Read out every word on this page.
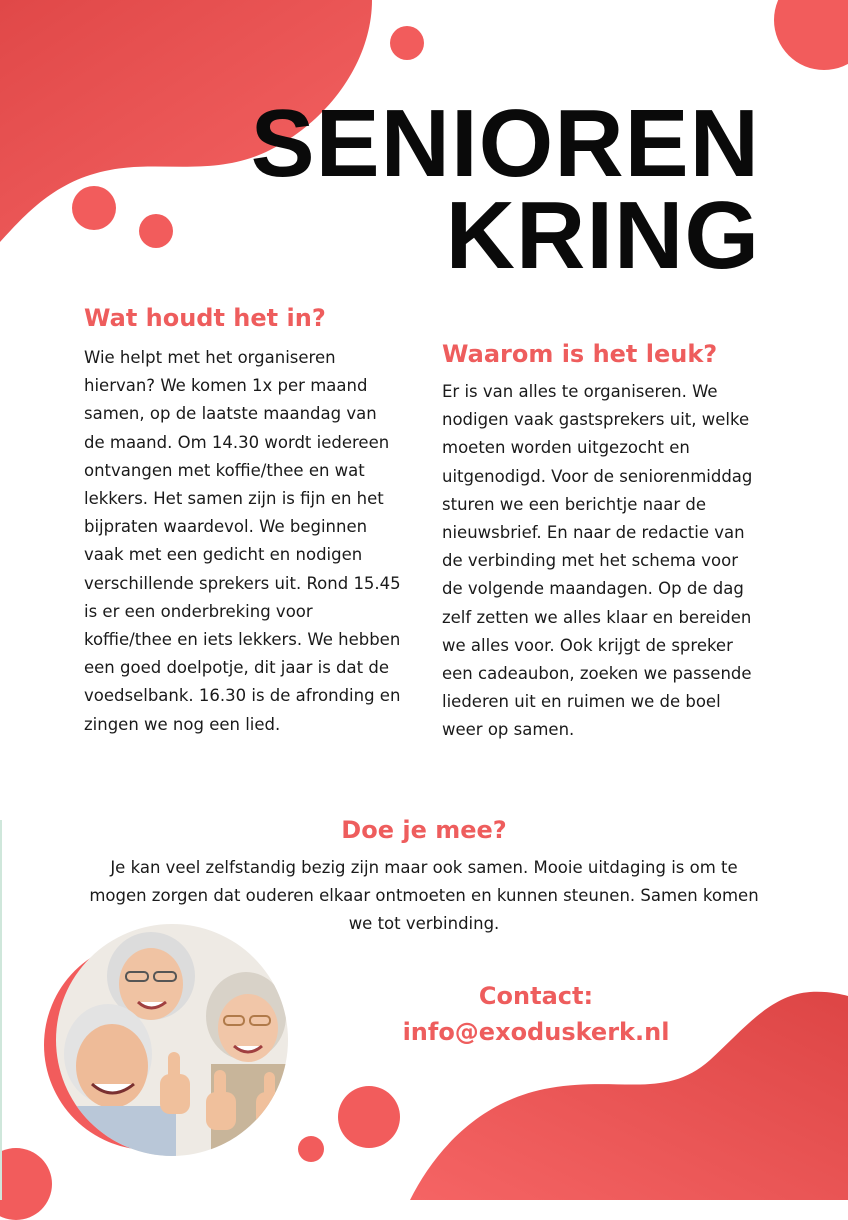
SENIOREN
KRING
Wat houdt het in?

Wie helpt met het organiseren hiervan? We komen 1x per maand samen, op de laatste maandag van de maand. Om 14.30 wordt iedereen ontvangen met koffie/thee en wat lekkers. Het samen zijn is fijn en het bijpraten waardevol. We beginnen vaak met een gedicht en nodigen verschillende sprekers uit. Rond 15.45 is er een onderbreking voor koffie/thee en iets lekkers. We hebben een goed doelpotje, dit jaar is dat de voedselbank. 16.30 is de afronding en zingen we nog een lied.

Waarom is het leuk?

Er is van alles te organiseren. We nodigen vaak gastsprekers uit, welke moeten worden uitgezocht en uitgenodigd. Voor de seniorenmiddag sturen we een berichtje naar de nieuwsbrief. En naar de redactie van de verbinding met het schema voor de volgende maandagen. Op de dag zelf zetten we alles klaar en bereiden we alles voor. Ook krijgt de spreker een cadeaubon, zoeken we passende liederen uit en ruimen we de boel weer op samen.

Doe je mee?

Je kan veel zelfstandig bezig zijn maar ook samen. Mooie uitdaging is om te mogen zorgen dat ouderen elkaar ontmoeten en kunnen steunen. Samen komen we tot verbinding.

Contact:
info@exoduskerk.nl
